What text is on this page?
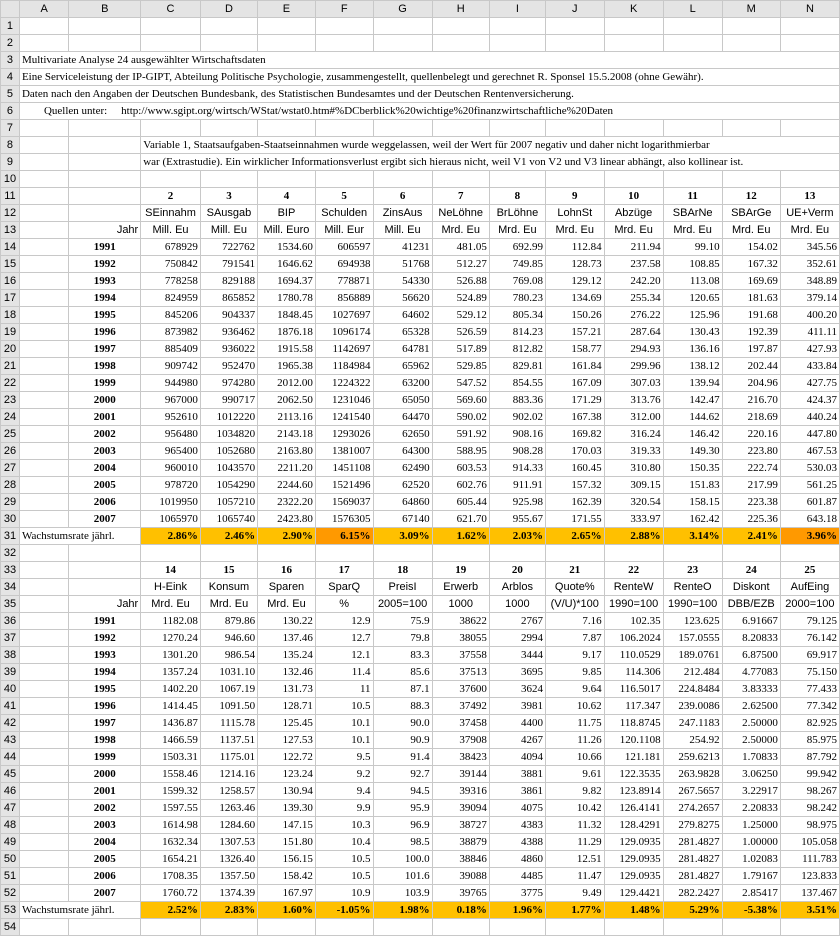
	A	B	C	D	E	F	G	H	I	J	K	L	M	N
1														
2														
3	Multivariate Analyse 24 ausgewählter Wirtschaftsdaten													
4	Eine Serviceleistung der IP-GIPT, Abteilung Politische Psychologie, zusammengestellt, quellenbelegt und gerechnet R. Sponsel 15.5.2008 (ohne Gewähr).													
5	Daten nach den Angaben der Deutschen Bundesbank, des Statistischen Bundesamtes und der Deutschen Rentenversicherung.													
6	Quellen unter: http://www.sgipt.org/wirtsch/WStat/wstat0.htm#%DCberblick%20wichtige%20finanzwirtschaftliche%20Daten													
7														
8			Variable 1, Staatsaufgaben-Staatseinnahmen wurde weggelassen, weil der Wert für 2007 negativ und daher nicht logarithmierbar											
9			war (Extrastudie). Ein wirklicher Informationsverlust ergibt sich hieraus nicht, weil V1 von V2 und V3 linear abhängt, also kollinear ist.											
10														
11			2	3	4	5	6	7	8	9	10	11	12	13
12			SEinnahm	SAusgab	BIP	Schulden	ZinsAus	NeLöhne	BrLöhne	LohnSt	Abzüge	SBArNe	SBArGe	UE+Verm
13		Jahr	Mill. Eu	Mill. Eu	Mill. Euro	Mill. Eur	Mill. Eu	Mrd. Eu	Mrd. Eu	Mrd. Eu	Mrd. Eu	Mrd. Eu	Mrd. Eu	Mrd. Eu
14		1991	678929	722762	1534.60	606597	41231	481.05	692.99	112.84	211.94	99.10	154.02	345.56
15		1992	750842	791541	1646.62	694938	51768	512.27	749.85	128.73	237.58	108.85	167.32	352.61
16		1993	778258	829188	1694.37	778871	54330	526.88	769.08	129.12	242.20	113.08	169.69	348.89
17		1994	824959	865852	1780.78	856889	56620	524.89	780.23	134.69	255.34	120.65	181.63	379.14
18		1995	845206	904337	1848.45	1027697	64602	529.12	805.34	150.26	276.22	125.96	191.68	400.20
19		1996	873982	936462	1876.18	1096174	65328	526.59	814.23	157.21	287.64	130.43	192.39	411.11
20		1997	885409	936022	1915.58	1142697	64781	517.89	812.82	158.77	294.93	136.16	197.87	427.93
21		1998	909742	952470	1965.38	1184984	65962	529.85	829.81	161.84	299.96	138.12	202.44	433.84
22		1999	944980	974280	2012.00	1224322	63200	547.52	854.55	167.09	307.03	139.94	204.96	427.75
23		2000	967000	990717	2062.50	1231046	65050	569.60	883.36	171.29	313.76	142.47	216.70	424.37
24		2001	952610	1012220	2113.16	1241540	64470	590.02	902.02	167.38	312.00	144.62	218.69	440.24
25		2002	956480	1034820	2143.18	1293026	62650	591.92	908.16	169.82	316.24	146.42	220.16	447.80
26		2003	965400	1052680	2163.80	1381007	64300	588.95	908.28	170.03	319.33	149.30	223.80	467.53
27		2004	960010	1043570	2211.20	1451108	62490	603.53	914.33	160.45	310.80	150.35	222.74	530.03
28		2005	978720	1054290	2244.60	1521496	62520	602.76	911.91	157.32	309.15	151.83	217.99	561.25
29		2006	1019950	1057210	2322.20	1569037	64860	605.44	925.98	162.39	320.54	158.15	223.38	601.87
30		2007	1065970	1065740	2423.80	1576305	67140	621.70	955.67	171.55	333.97	162.42	225.36	643.18
31	Wachstumsrate jährl.		2.86%	2.46%	2.90%	6.15%	3.09%	1.62%	2.03%	2.65%	2.88%	3.14%	2.41%	3.96%
32														
33			14	15	16	17	18	19	20	21	22	23	24	25
34			H-Eink	Konsum	Sparen	SparQ	PreisI	Erwerb	Arblos	Quote%	RenteW	RenteO	Diskont	AufEing
35		Jahr	Mrd. Eu	Mrd. Eu	Mrd. Eu	%	2005=100	1000	1000	(V/U)*100	1990=100	1990=100	DBB/EZB	2000=100
36		1991	1182.08	879.86	130.22	12.9	75.9	38622	2767	7.16	102.35	123.625	6.91667	79.125
37		1992	1270.24	946.60	137.46	12.7	79.8	38055	2994	7.87	106.2024	157.0555	8.20833	76.142
38		1993	1301.20	986.54	135.24	12.1	83.3	37558	3444	9.17	110.0529	189.0761	6.87500	69.917
39		1994	1357.24	1031.10	132.46	11.4	85.6	37513	3695	9.85	114.306	212.484	4.77083	75.150
40		1995	1402.20	1067.19	131.73	11	87.1	37600	3624	9.64	116.5017	224.8484	3.83333	77.433
41		1996	1414.45	1091.50	128.71	10.5	88.3	37492	3981	10.62	117.347	239.0086	2.62500	77.342
42		1997	1436.87	1115.78	125.45	10.1	90.0	37458	4400	11.75	118.8745	247.1183	2.50000	82.925
43		1998	1466.59	1137.51	127.53	10.1	90.9	37908	4267	11.26	120.1108	254.92	2.50000	85.975
44		1999	1503.31	1175.01	122.72	9.5	91.4	38423	4094	10.66	121.181	259.6213	1.70833	87.792
45		2000	1558.46	1214.16	123.24	9.2	92.7	39144	3881	9.61	122.3535	263.9828	3.06250	99.942
46		2001	1599.32	1258.57	130.94	9.4	94.5	39316	3861	9.82	123.8914	267.5657	3.22917	98.267
47		2002	1597.55	1263.46	139.30	9.9	95.9	39094	4075	10.42	126.4141	274.2657	2.20833	98.242
48		2003	1614.98	1284.60	147.15	10.3	96.9	38727	4383	11.32	128.4291	279.8275	1.25000	98.975
49		2004	1632.34	1307.53	151.80	10.4	98.5	38879	4388	11.29	129.0935	281.4827	1.00000	105.058
50		2005	1654.21	1326.40	156.15	10.5	100.0	38846	4860	12.51	129.0935	281.4827	1.02083	111.783
51		2006	1708.35	1357.50	158.42	10.5	101.6	39088	4485	11.47	129.0935	281.4827	1.79167	123.833
52		2007	1760.72	1374.39	167.97	10.9	103.9	39765	3775	9.49	129.4421	282.2427	2.85417	137.467
53	Wachstumsrate jährl.		2.52%	2.83%	1.60%	-1.05%	1.98%	0.18%	1.96%	1.77%	1.48%	5.29%	-5.38%	3.51%
54														
